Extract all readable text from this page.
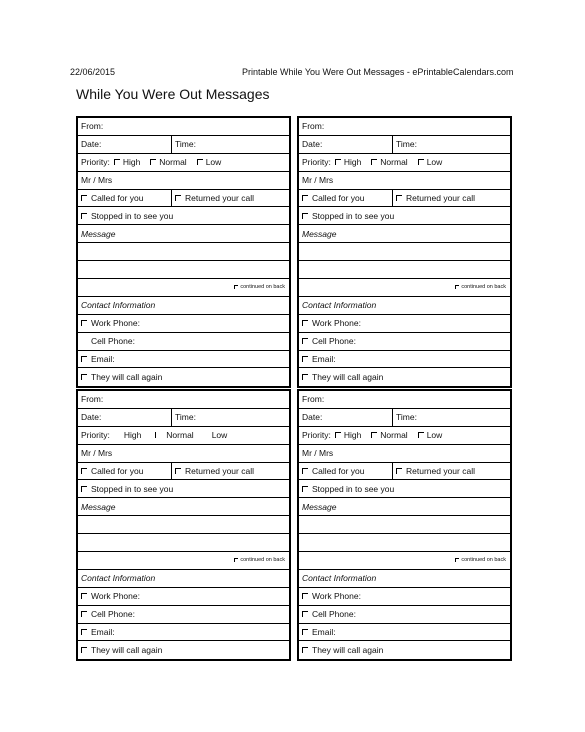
22/06/2015	Printable While You Were Out Messages - ePrintableCalendars.com
While You Were Out Messages
From:
Date:	Time:
Priority: High Normal Low
Mr / Mrs
Called for you	Returned your call
Stopped in to see you
Message
continued on back
Contact Information
Work Phone:
Cell Phone:
Email:
They will call again
From:
Date:	Time:
Priority: High Normal Low
Mr / Mrs
Called for you	Returned your call
Stopped in to see you
Message
continued on back
Contact Information
Work Phone:
Cell Phone:
Email:
They will call again
From:
Date:	Time:
Priority: High	Normal Low
Mr / Mrs
Called for you	Returned your call
Stopped in to see you
Message
continued on back
Contact Information
Work Phone:
Cell Phone:
Email:
They will call again
From:
Date:	Time:
Priority: High Normal Low
Mr / Mrs
Called for you	Returned your call
Stopped in to see you
Message
continued on back
Contact Information
Work Phone:
Cell Phone:
Email:
They will call again
